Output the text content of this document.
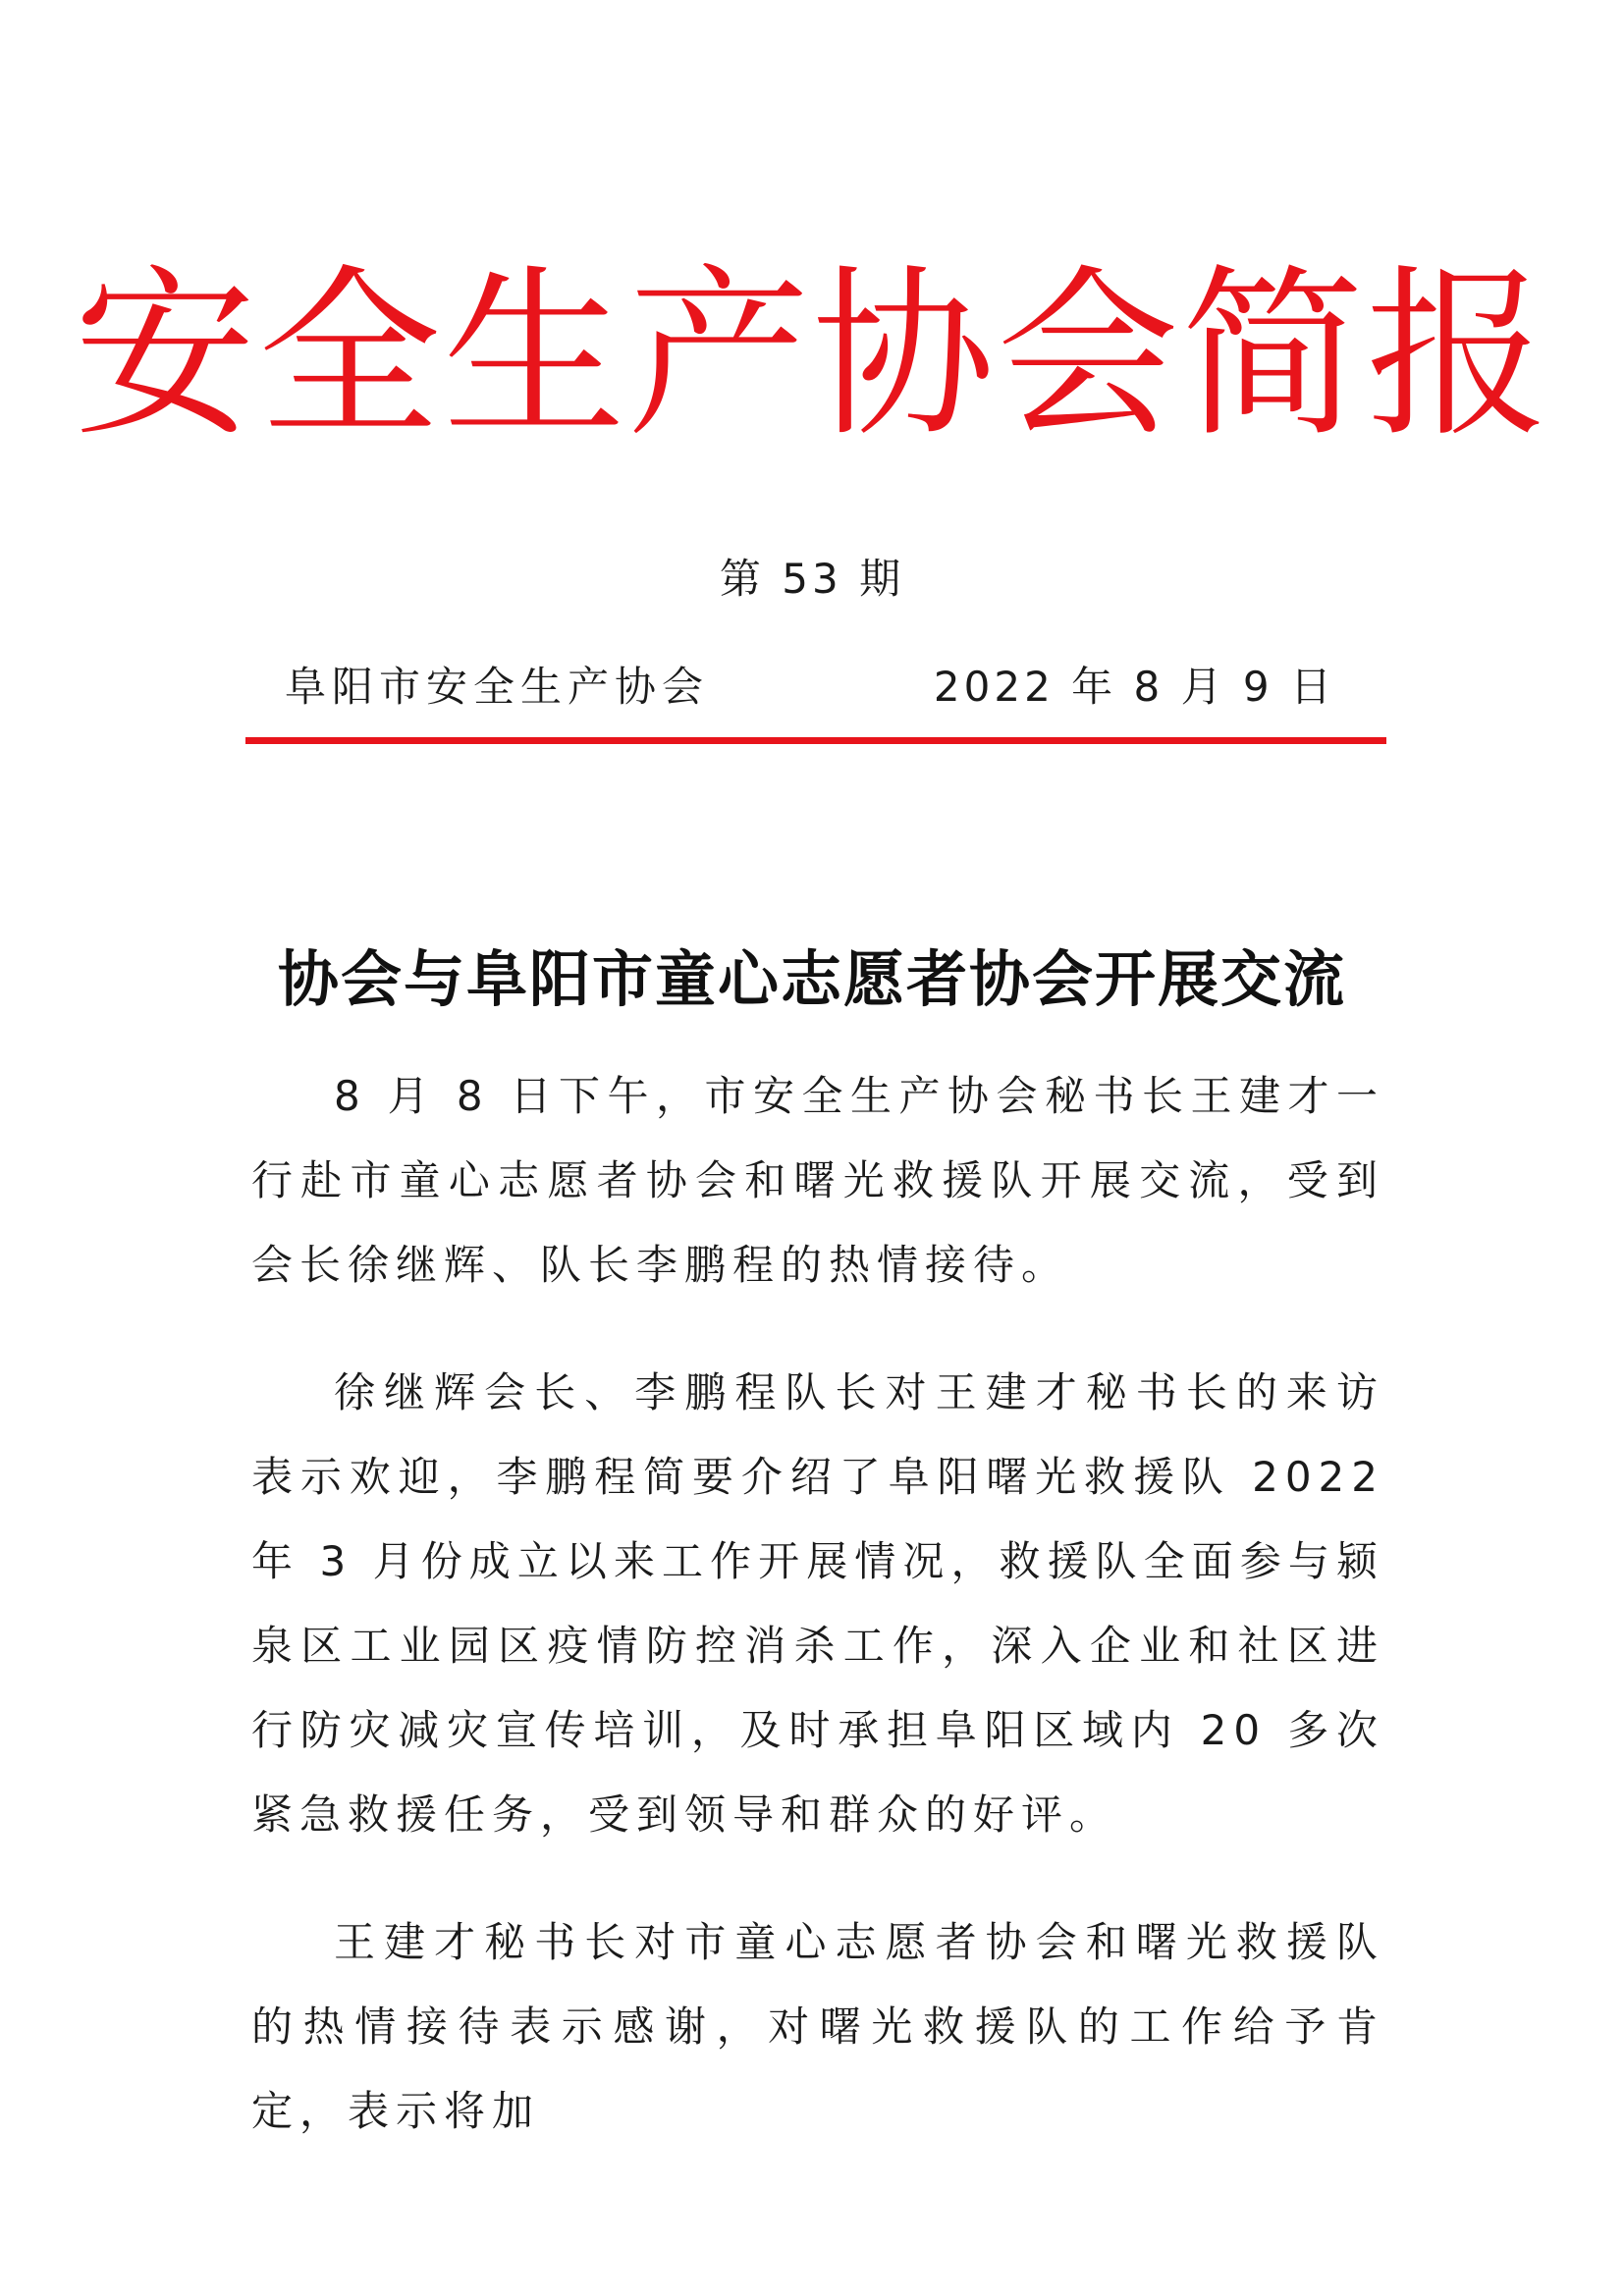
安全生产协会简报
第 53 期
阜阳市安全生产协会	2022 年 8 月 9 日
协会与阜阳市童心志愿者协会开展交流

8 月 8 日下午，市安全生产协会秘书长王建才一行赴市童心志愿者协会和曙光救援队开展交流，受到会长徐继辉、队长李鹏程的热情接待。

徐继辉会长、李鹏程队长对王建才秘书长的来访表示欢迎，李鹏程简要介绍了阜阳曙光救援队 2022 年 3 月份成立以来工作开展情况，救援队全面参与颍泉区工业园区疫情防控消杀工作，深入企业和社区进行防灾减灾宣传培训，及时承担阜阳区域内 20 多次紧急救援任务，受到领导和群众的好评。

王建才秘书长对市童心志愿者协会和曙光救援队的热情接待表示感谢，对曙光救援队的工作给予肯定，表示将加
